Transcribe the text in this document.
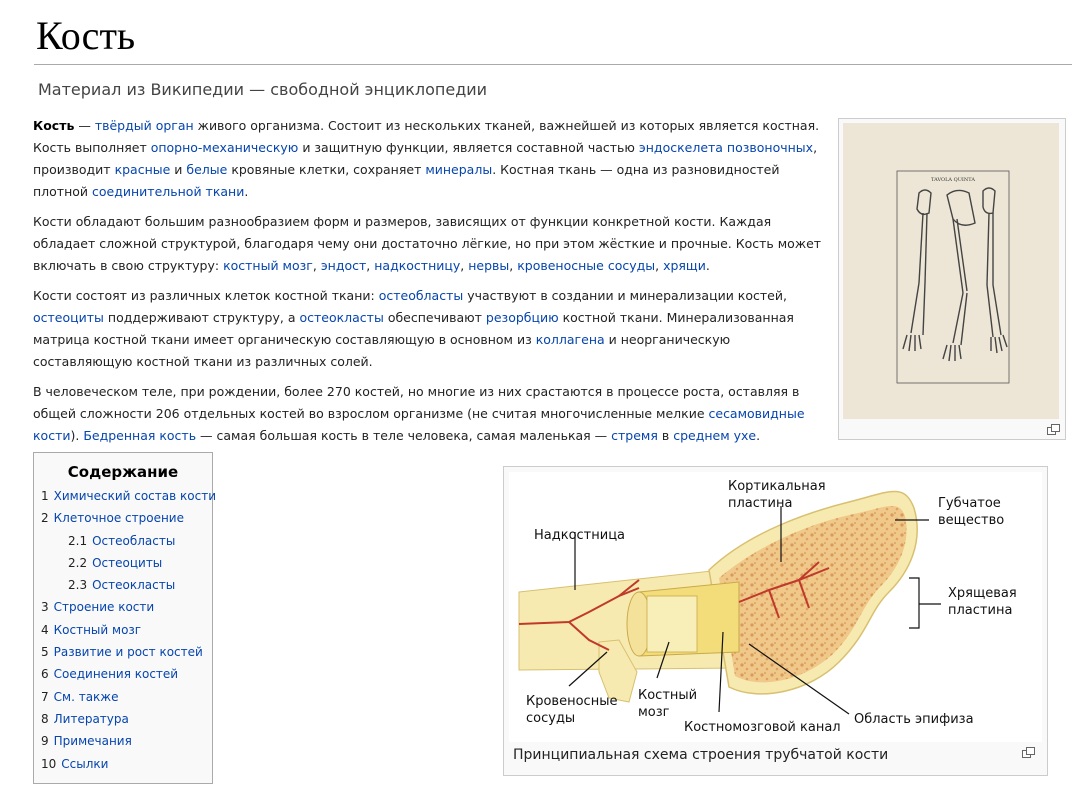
Кость
Материал из Википедии — свободной энциклопедии

Кость — твёрдый орган живого организма. Состоит из нескольких тканей, важнейшей из которых является костная. Кость выполняет опорно-механическую и защитную функции, является составной частью эндоскелета позвоночных, производит красные и белые кровяные клетки, сохраняет минералы. Костная ткань — одна из разновидностей плотной соединительной ткани.

Кости обладают большим разнообразием форм и размеров, зависящих от функции конкретной кости. Каждая обладает сложной структурой, благодаря чему они достаточно лёгкие, но при этом жёсткие и прочные. Кость может включать в свою структуру: костный мозг, эндост, надкостницу, нервы, кровеносные сосуды, хрящи.

Кости состоят из различных клеток костной ткани: остеобласты участвуют в создании и минерализации костей, остеоциты поддерживают структуру, а остеокласты обеспечивают резорбцию костной ткани. Минерализованная матрица костной ткани имеет органическую составляющую в основном из коллагена и неорганическую составляющую костной ткани из различных солей.

В человеческом теле, при рождении, более 270 костей, но многие из них срастаются в процессе роста, оставляя в общей сложности 206 отдельных костей во взрослом организме (не считая многочисленные мелкие сесамовидные кости). Бедренная кость — самая большая кость в теле человека, самая маленькая — стремя в среднем ухе.

TAVOLA QUINTA
Содержание
1 Химический состав кости
2 Клеточное строение
2.1 Остеобласты
2.2 Остеоциты
2.3 Остеокласты
3 Строение кости
4 Костный мозг
5 Развитие и рост костей
6 Соединения костей
7 См. также
8 Литература
9 Примечания
10 Ссылки
Кортикальная
пластина	Губчатое
вещество
Надкостница
Хрящевая
пластина
Кровеносные
сосуды
Костный
мозг
Костномозговой канал
Область эпифиза
Принципиальная схема строения трубчатой кости
